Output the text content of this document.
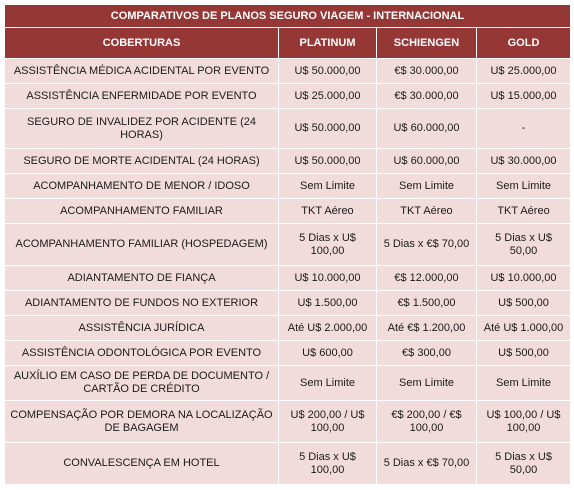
COMPARATIVOS DE PLANOS SEGURO VIAGEM - INTERNACIONAL			
COBERTURAS	PLATINUM	SCHIENGEN	GOLD
ASSISTÊNCIA MÉDICA ACIDENTAL POR EVENTO	U$ 50.000,00	€$ 30.000,00	U$ 25.000,00
ASSISTÊNCIA ENFERMIDADE POR EVENTO	U$ 25.000,00	€$ 30.000,00	U$ 15.000,00
SEGURO DE INVALIDEZ POR ACIDENTE (24 HORAS)	U$ 50.000,00	U$ 60.000,00	-
SEGURO DE MORTE ACIDENTAL (24 HORAS)	U$ 50.000,00	U$ 60.000,00	U$ 30.000,00
ACOMPANHAMENTO DE MENOR / IDOSO	Sem Limite	Sem Limite	Sem Limite
ACOMPANHAMENTO FAMILIAR	TKT Aéreo	TKT Aéreo	TKT Aéreo
ACOMPANHAMENTO FAMILIAR (HOSPEDAGEM)	5 Dias x U$ 100,00	5 Dias x €$ 70,00	5 Dias x U$ 50,00
ADIANTAMENTO DE FIANÇA	U$ 10.000,00	€$ 12.000,00	U$ 10.000,00
ADIANTAMENTO DE FUNDOS NO EXTERIOR	U$ 1.500,00	€$ 1.500,00	U$ 500,00
ASSISTÊNCIA JURÍDICA	Até U$ 2.000,00	Até €$ 1.200,00	Até U$ 1.000,00
ASSISTÊNCIA ODONTOLÓGICA POR EVENTO	U$ 600,00	€$ 300,00	U$ 500,00
AUXÍLIO EM CASO DE PERDA DE DOCUMENTO / CARTÃO DE CRÉDITO	Sem Limite	Sem Limite	Sem Limite
COMPENSAÇÃO POR DEMORA NA LOCALIZAÇÃO DE BAGAGEM	U$ 200,00 / U$ 100,00	€$ 200,00 / €$ 100,00	U$ 100,00 / U$ 100,00
CONVALESCENÇA EM HOTEL	5 Dias x U$ 100,00	5 Dias x €$ 70,00	5 Dias x U$ 50,00
